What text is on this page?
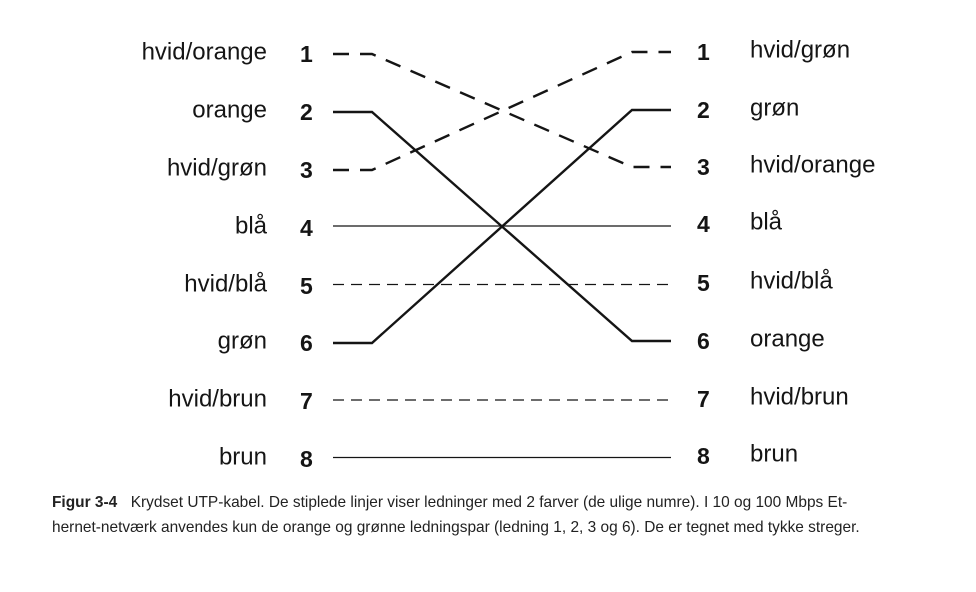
hvid/orange 1
orange 2
hvid/grøn 3
blå 4
hvid/blå 5
grøn 6
hvid/brun 7
brun 8
1 hvid/grøn
2 grøn
3 hvid/orange
4 blå
5 hvid/blå
6 orange
7 hvid/brun
8 brun
Figur 3-4 Krydset UTP-kabel. De stiplede linjer viser ledninger med 2 farver (de ulige numre). I 10 og 100 Mbps Et-
hernet-netværk anvendes kun de orange og grønne ledningspar (ledning 1, 2, 3 og 6). De er tegnet med tykke streger.
